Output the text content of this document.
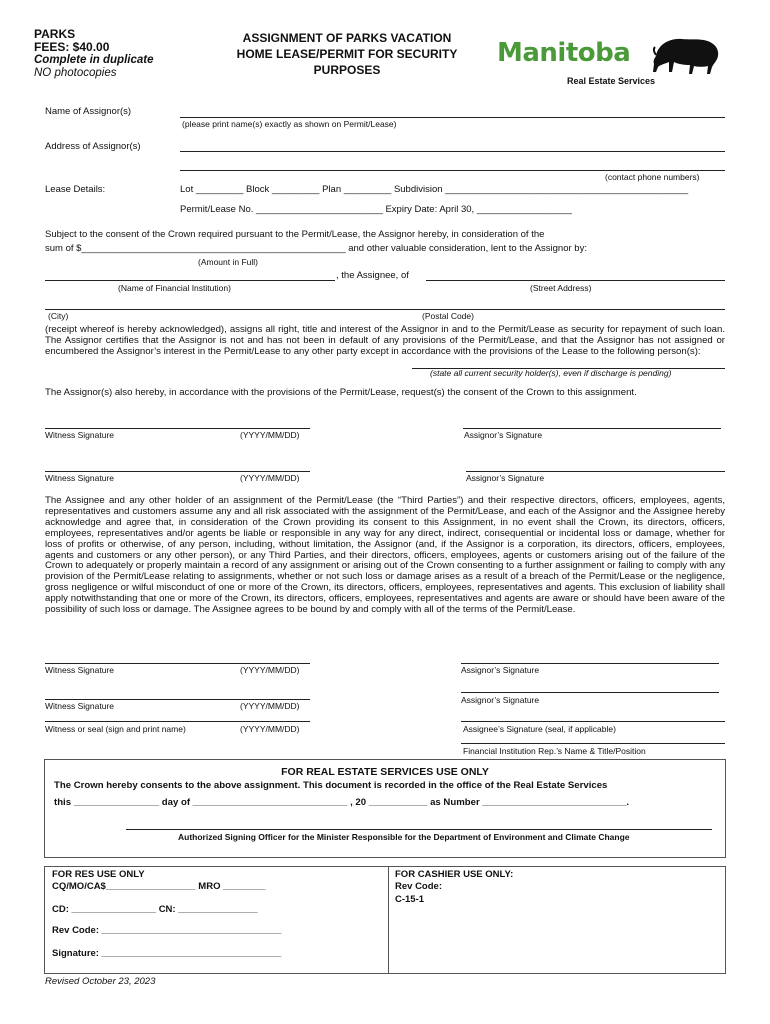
PARKS
FEES: $40.00
Complete in duplicate
NO photocopies
ASSIGNMENT OF PARKS VACATION
HOME LEASE/PERMIT FOR SECURITY
PURPOSES
Manitoba
Real Estate Services
Name of Assignor(s)
(please print name(s) exactly as shown on Permit/Lease)
Address of Assignor(s)
(contact phone numbers)
Lease Details:	Lot _________ Block _________ Plan _________ Subdivision ______________________________________________
Permit/Lease No. ________________________ Expiry Date: April 30, __________________
Subject to the consent of the Crown required pursuant to the Permit/Lease, the Assignor hereby, in consideration of the
sum of $__________________________________________________ and other valuable consideration, lent to the Assignor by:
(Amount in Full)
, the Assignee, of
(Name of Financial Institution)	(Street Address)
(City)	(Postal Code)
(receipt whereof is hereby acknowledged), assigns all right, title and interest of the Assignor in and to the Permit/Lease as security for repayment of such loan. The Assignor certifies that the Assignor is not and has not been in default of any provisions of the Permit/Lease, and that the Assignor has not assigned or encumbered the Assignor’s interest in the Permit/Lease to any other party except in accordance with the provisions of the Lease to the following person(s):
(state all current security holder(s), even if discharge is pending)
The Assignor(s) also hereby, in accordance with the provisions of the Permit/Lease, request(s) the consent of the Crown to this assignment.
Witness Signature	(YYYY/MM/DD)	Assignor’s Signature
Witness Signature	(YYYY/MM/DD)	Assignor’s Signature
The Assignee and any other holder of an assignment of the Permit/Lease (the “Third Parties”) and their respective directors, officers, employees, agents, representatives and customers assume any and all risk associated with the assignment of the Permit/Lease, and each of the Assignor and the Assignee hereby acknowledge and agree that, in consideration of the Crown providing its consent to this Assignment, in no event shall the Crown, its directors, officers, employees, representatives and/or agents be liable or responsible in any way for any direct, indirect, consequential or incidental loss or damage, whether for loss of profits or otherwise, of any person, including, without limitation, the Assignor (and, if the Assignor is a corporation, its directors, officers, employees, agents and customers or any other person), or any Third Parties, and their directors, officers, employees, agents or customers arising out of the failure of the Crown to adequately or properly maintain a record of any assignment or arising out of the Crown consenting to a further assignment or failing to comply with any provision of the Permit/Lease relating to assignments, whether or not such loss or damage arises as a result of a breach of the Permit/Lease or the negligence, gross negligence or wilful misconduct of one or more of the Crown, its directors, officers, employees, representatives and agents. This exclusion of liability shall apply notwithstanding that one or more of the Crown, its directors, officers, employees, representatives and agents are aware or should have been aware of the possibility of such loss or damage. The Assignee agrees to be bound by and comply with all of the terms of the Permit/Lease.
Witness Signature	(YYYY/MM/DD)	Assignor’s Signature
Assignor’s Signature
Witness Signature	(YYYY/MM/DD)
Witness or seal (sign and print name)	(YYYY/MM/DD)	Assignee’s Signature (seal, if applicable)
Financial Institution Rep.’s Name & Title/Position
FOR REAL ESTATE SERVICES USE ONLY
The Crown hereby consents to the above assignment. This document is recorded in the office of the Real Estate Services
this ________________ day of _____________________________ , 20 ___________ as Number ___________________________.
Authorized Signing Officer for the Minister Responsible for the Department of Environment and Climate Change
FOR RES USE ONLY
CQ/MO/CA$_________________ MRO ________
CD: ________________ CN: _______________
Rev Code: __________________________________
Signature: __________________________________
FOR CASHIER USE ONLY:
Rev Code:
C-15-1
Revised October 23, 2023
